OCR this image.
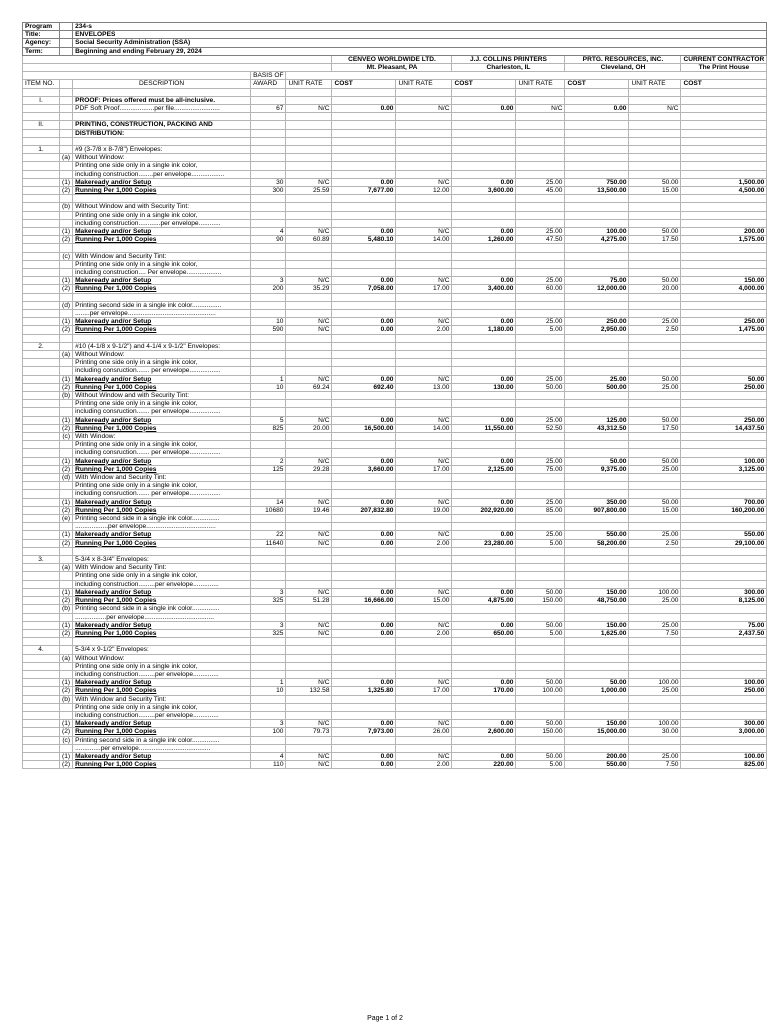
Program		234-s									
Title:		ENVELOPES									
Agency:		Social Security Administration (SSA)									
Term:		Beginning and ending February 29, 2024									
					CENVEO WORLDWIDE LTD.		J.J. COLLINS PRINTERS		PRTG. RESOURCES, INC.		CURRENT CONTRACTOR
					Mt. Pleasant, PA		Charleston, IL		Cleveland, OH		The Print House
			BASIS OF								
ITEM NO.		DESCRIPTION	AWARD	UNIT RATE	COST	UNIT RATE	COST	UNIT RATE	COST	UNIT RATE	COST

I.		PROOF: Prices offered must be all-inclusive.									
		PDF Soft Proof...................per file.........................	67	N/C	0.00	N/C	0.00	N/C	0.00	N/C	

II.		PRINTING, CONSTRUCTION, PACKING AND									
		DISTRIBUTION:									

1.		#9 (3-7/8 x 8-7/8") Envelopes:									
	(a)	Without Window:									
		Printing one side only in a single ink color,									
		including construction........per envelope..................									
	(1)	Makeready and/or Setup	30	N/C	0.00	N/C	0.00	25.00	750.00	50.00	1,500.00
	(2)	Running Per 1,000 Copies	300	25.59	7,677.00	12.00	3,600.00	45.00	13,500.00	15.00	4,500.00

	(b)	Without Window and with Security Tint:									
		Printing one side only in a single ink color,									
		including construction............per envelope............									
	(1)	Makeready and/or Setup	4	N/C	0.00	N/C	0.00	25.00	100.00	50.00	200.00
	(2)	Running Per 1,000 Copies	90	60.89	5,480.10	14.00	1,260.00	47.50	4,275.00	17.50	1,575.00

	(c)	With Window and Security Tint:									
		Printing one side only in a single ink color,									
		including construction.... Per envelope...................									
	(1)	Makeready and/or Setup	3	N/C	0.00	N/C	0.00	25.00	75.00	50.00	150.00
	(2)	Running Per 1,000 Copies	200	35.29	7,058.00	17.00	3,400.00	60.00	12,000.00	20.00	4,000.00

	(d)	Printing second side in a single ink color................									
		........per envelope................................................									
	(1)	Makeready and/or Setup	10	N/C	0.00	N/C	0.00	25.00	250.00	25.00	250.00
	(2)	Running Per 1,000 Copies	590	N/C	0.00	2.00	1,180.00	5.00	2,950.00	2.50	1,475.00

2.		#10 (4-1/8 x 9-1/2") and 4-1/4 x 9-1/2" Envelopes:									
	(a)	Without Window:									
		Printing one side only in a single ink color,									
		including consruction....... per envelope.................									
	(1)	Makeready and/or Setup	1	N/C	0.00	N/C	0.00	25.00	25.00	50.00	50.00
	(2)	Running Per 1,000 Copies	10	69.24	692.40	13.00	130.00	50.00	500.00	25.00	250.00
	(b)	Without Window and with Security Tint:									
		Printing one side only in a single ink color,									
		including consruction....... per envelope.................									
	(1)	Makeready and/or Setup	5	N/C	0.00	N/C	0.00	25.00	125.00	50.00	250.00
	(2)	Running Per 1,000 Copies	825	20.00	16,500.00	14.00	11,550.00	52.50	43,312.50	17.50	14,437.50
	(c)	With Window:									
		Printing one side only in a single ink color,									
		including consruction....... per envelope.................									
	(1)	Makeready and/or Setup	2	N/C	0.00	N/C	0.00	25.00	50.00	50.00	100.00
	(2)	Running Per 1,000 Copies	125	29.28	3,660.00	17.00	2,125.00	75.00	9,375.00	25.00	3,125.00
	(d)	With Window and Security Tint:									
		Printing one side only in a single ink color,									
		including consruction....... per envelope.................									
	(1)	Makeready and/or Setup	14	N/C	0.00	N/C	0.00	25.00	350.00	50.00	700.00
	(2)	Running Per 1,000 Copies	10680	19.46	207,832.80	19.00	202,920.00	85.00	907,800.00	15.00	160,200.00
	(e)	Printing second side in a single ink color...............									
		..................per envelope......................................									
	(1)	Makeready and/or Setup	22	N/C	0.00	N/C	0.00	25.00	550.00	25.00	550.00
	(2)	Running Per 1,000 Copies	11640	N/C	0.00	2.00	23,280.00	5.00	58,200.00	2.50	29,100.00

3.		5-3/4 x 8-3/4" Envelopes:									
	(a)	With Window and Security Tint:									
		Printing one side only in a single ink color,									
		including construction.........per envelope..............									
	(1)	Makeready and/or Setup	3	N/C	0.00	N/C	0.00	50.00	150.00	100.00	300.00
	(2)	Running Per 1,000 Copies	325	51.28	16,666.00	15.00	4,875.00	150.00	48,750.00	25.00	8,125.00
	(b)	Printing second side in a single ink color...............									
		.................per envelope......................................									
	(1)	Makeready and/or Setup	3	N/C	0.00	N/C	0.00	50.00	150.00	25.00	75.00
	(2)	Running Per 1,000 Copies	325	N/C	0.00	2.00	650.00	5.00	1,625.00	7.50	2,437.50

4.		5-3/4 x 9-1/2" Envelopes:									
	(a)	Without Window:									
		Printing one side only in a single ink color,									
		including construction.........per envelope..............									
	(1)	Makeready and/or Setup	1	N/C	0.00	N/C	0.00	50.00	50.00	100.00	100.00
	(2)	Running Per 1,000 Copies	10	132.58	1,325.80	17.00	170.00	100.00	1,000.00	25.00	250.00
	(b)	With Window and Security Tint:									
		Printing one side only in a single ink color,									
		including construction.........per envelope..............									
	(1)	Makeready and/or Setup	3	N/C	0.00	N/C	0.00	50.00	150.00	100.00	300.00
	(2)	Running Per 1,000 Copies	100	79.73	7,973.00	26.00	2,600.00	150.00	15,000.00	30.00	3,000.00
	(c)	Printing second side in a single ink color...............									
		..............per envelope.......................................									
	(1)	Makeready and/or Setup	4	N/C	0.00	N/C	0.00	50.00	200.00	25.00	100.00
	(2)	Running Per 1,000 Copies	110	N/C	0.00	2.00	220.00	5.00	550.00	7.50	825.00
Page 1 of 2
